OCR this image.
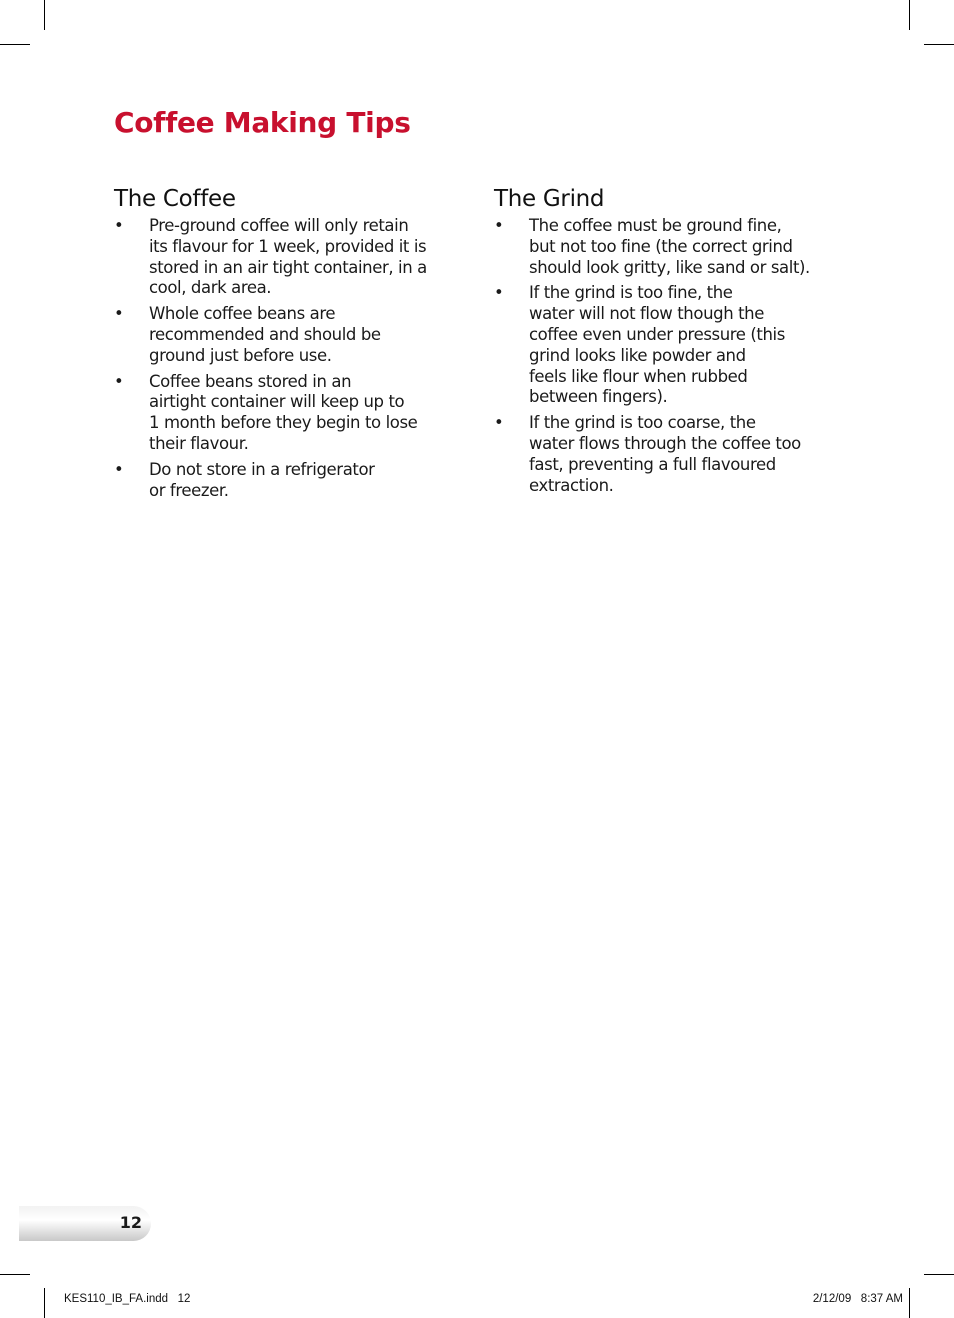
Coffee Making Tips
The Coffee
• Pre-ground coffee will only retain
its flavour for 1 week, provided it is
stored in an air tight container, in a
cool, dark area.
• Whole coffee beans are
recommended and should be
ground just before use.
• Coffee beans stored in an
airtight container will keep up to
1 month before they begin to lose
their flavour.
• Do not store in a refrigerator
or freezer.
The Grind
• The coffee must be ground fine,
but not too fine (the correct grind
should look gritty, like sand or salt).
• If the grind is too fine, the
water will not flow though the
coffee even under pressure (this
grind looks like powder and
feels like flour when rubbed
between fingers).
• If the grind is too coarse, the
water flows through the coffee too
fast, preventing a full flavoured
extraction.
12
KES110_IB_FA.indd   12	2/12/09   8:37 AM
